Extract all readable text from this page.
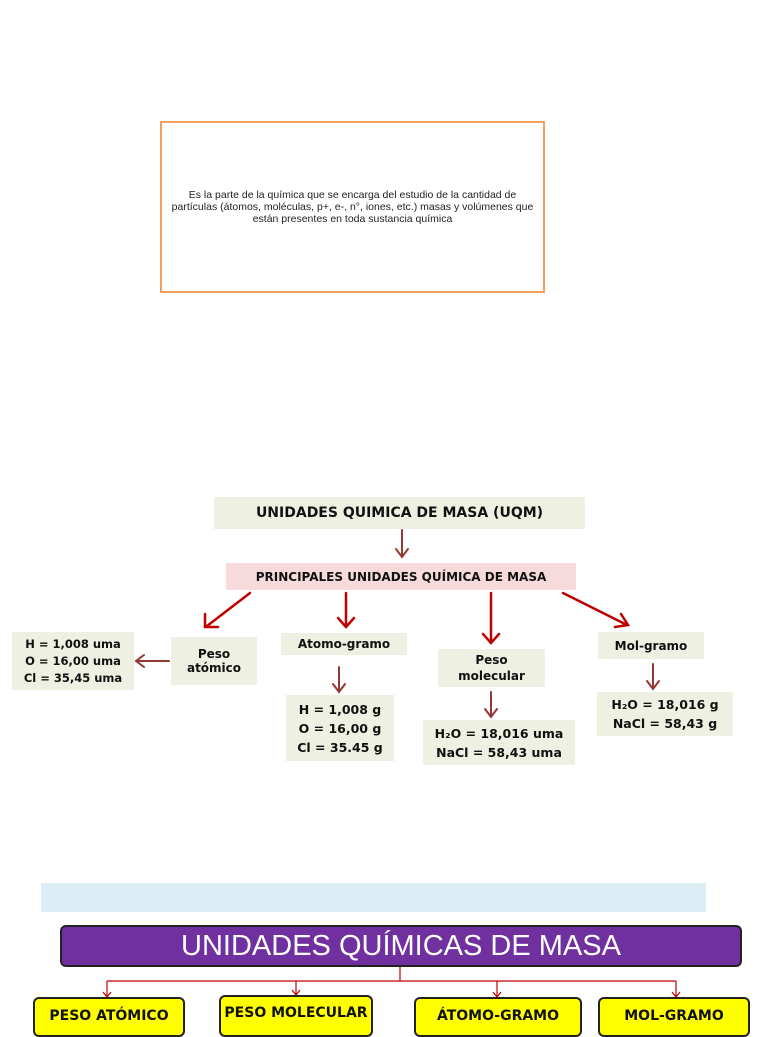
Es la parte de la química que se encarga del estudio de la cantidad de partículas (átomos, moléculas, p+, e-, n°, iones, etc.) masas y volúmenes que están presentes en toda sustancia química
UNIDADES QUIMICA DE MASA (UQM)
PRINCIPALES UNIDADES QUÍMICA DE MASA
Peso
atómico
H = 1,008 uma
O = 16,00 uma
Cl = 35,45 uma
Atomo-gramo
H = 1,008 g
O = 16,00 g
Cl = 35.45 g
Peso
molecular
H₂O = 18,016 uma
NaCl = 58,43 uma
Mol-gramo
H₂O = 18,016 g
NaCl = 58,43 g
UNIDADES QUÍMICAS DE MASA
PESO ATÓMICO	PESO MOLECULAR	ÁTOMO-GRAMO	MOL-GRAMO
